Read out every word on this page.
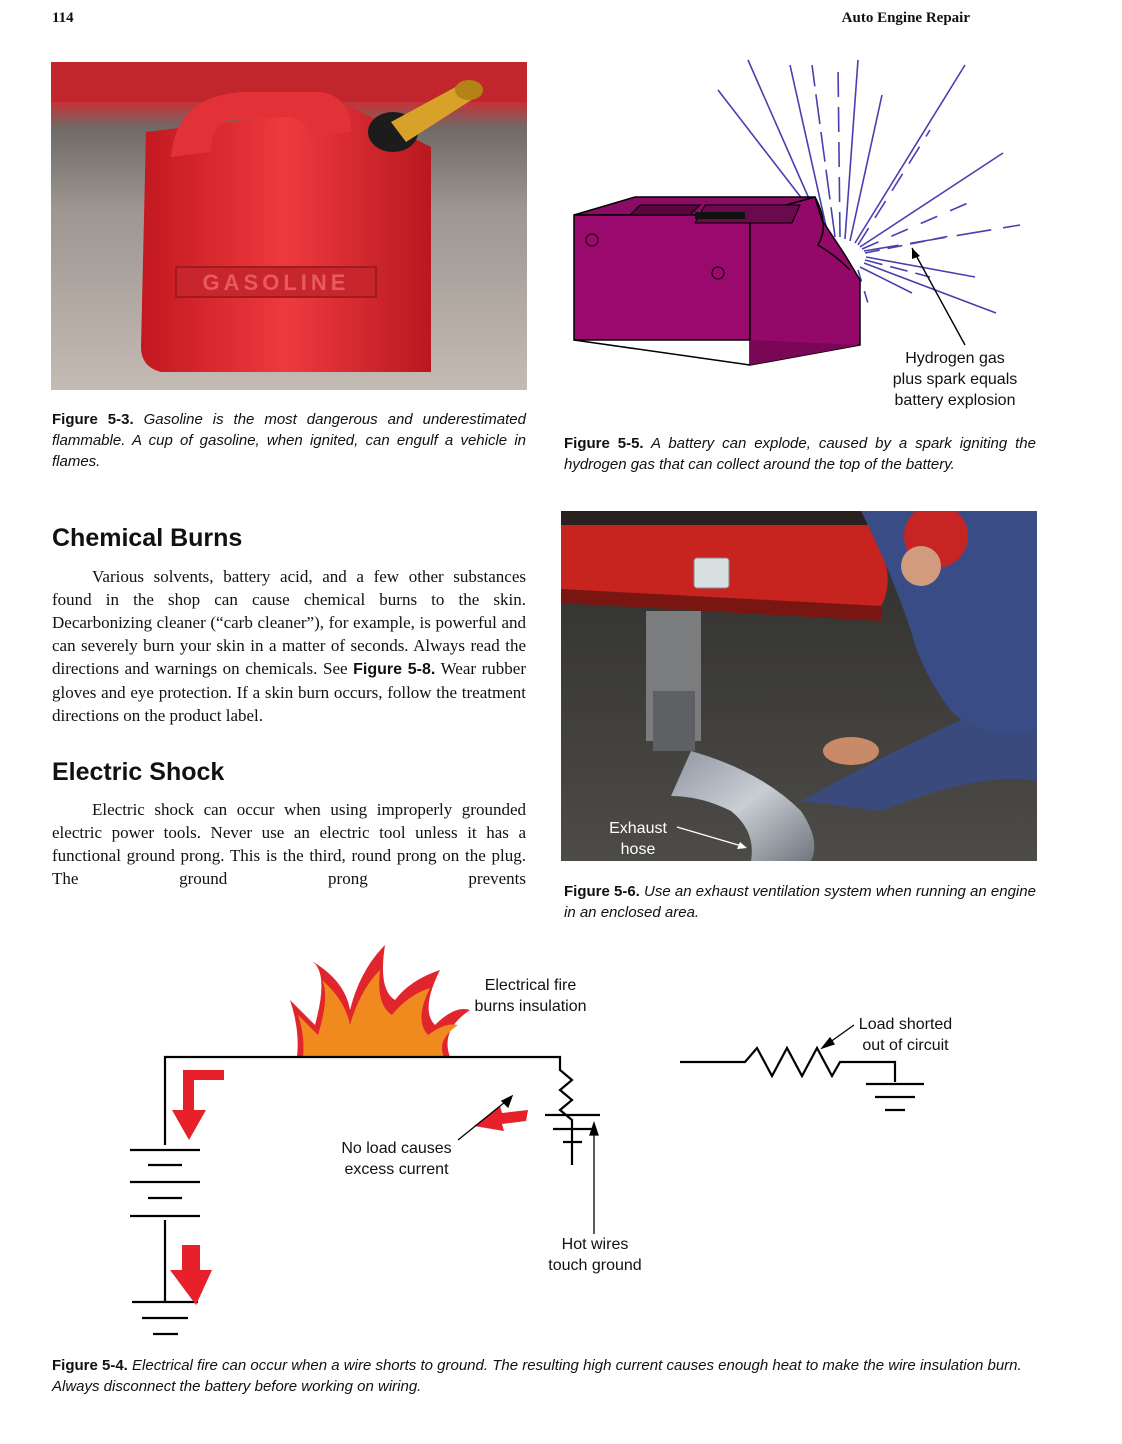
114	Auto Engine Repair
GASOLINE
Figure 5-3. Gasoline is the most dangerous and underestimated flammable. A cup of gasoline, when ignited, can engulf a vehicle in flames.
Hydrogen gas
plus spark equals
battery explosion
Figure 5-5. A battery can explode, caused by a spark igniting the hydrogen gas that can collect around the top of the battery.
Chemical Burns

Various solvents, battery acid, and a few other substances found in the shop can cause chemical burns to the skin. Decarbonizing cleaner (“carb cleaner”), for example, is powerful and can severely burn your skin in a matter of seconds. Always read the directions and warnings on chemicals. See Figure 5-8. Wear rubber gloves and eye protection. If a skin burn occurs, follow the treatment directions on the product label.

Electric Shock

Electric shock can occur when using improperly grounded electric power tools. Never use an electric tool unless it has a functional ground prong. This is the third, round prong on the plug. The ground prong prevents

Exhaust
hose
Figure 5-6. Use an exhaust ventilation system when running an engine in an enclosed area.
Electrical fire
burns insulation
Load shorted
out of circuit
No load causes
excess current
Hot wires
touch ground
Figure 5-4. Electrical fire can occur when a wire shorts to ground. The resulting high current causes enough heat to make the wire insulation burn. Always disconnect the battery before working on wiring.
